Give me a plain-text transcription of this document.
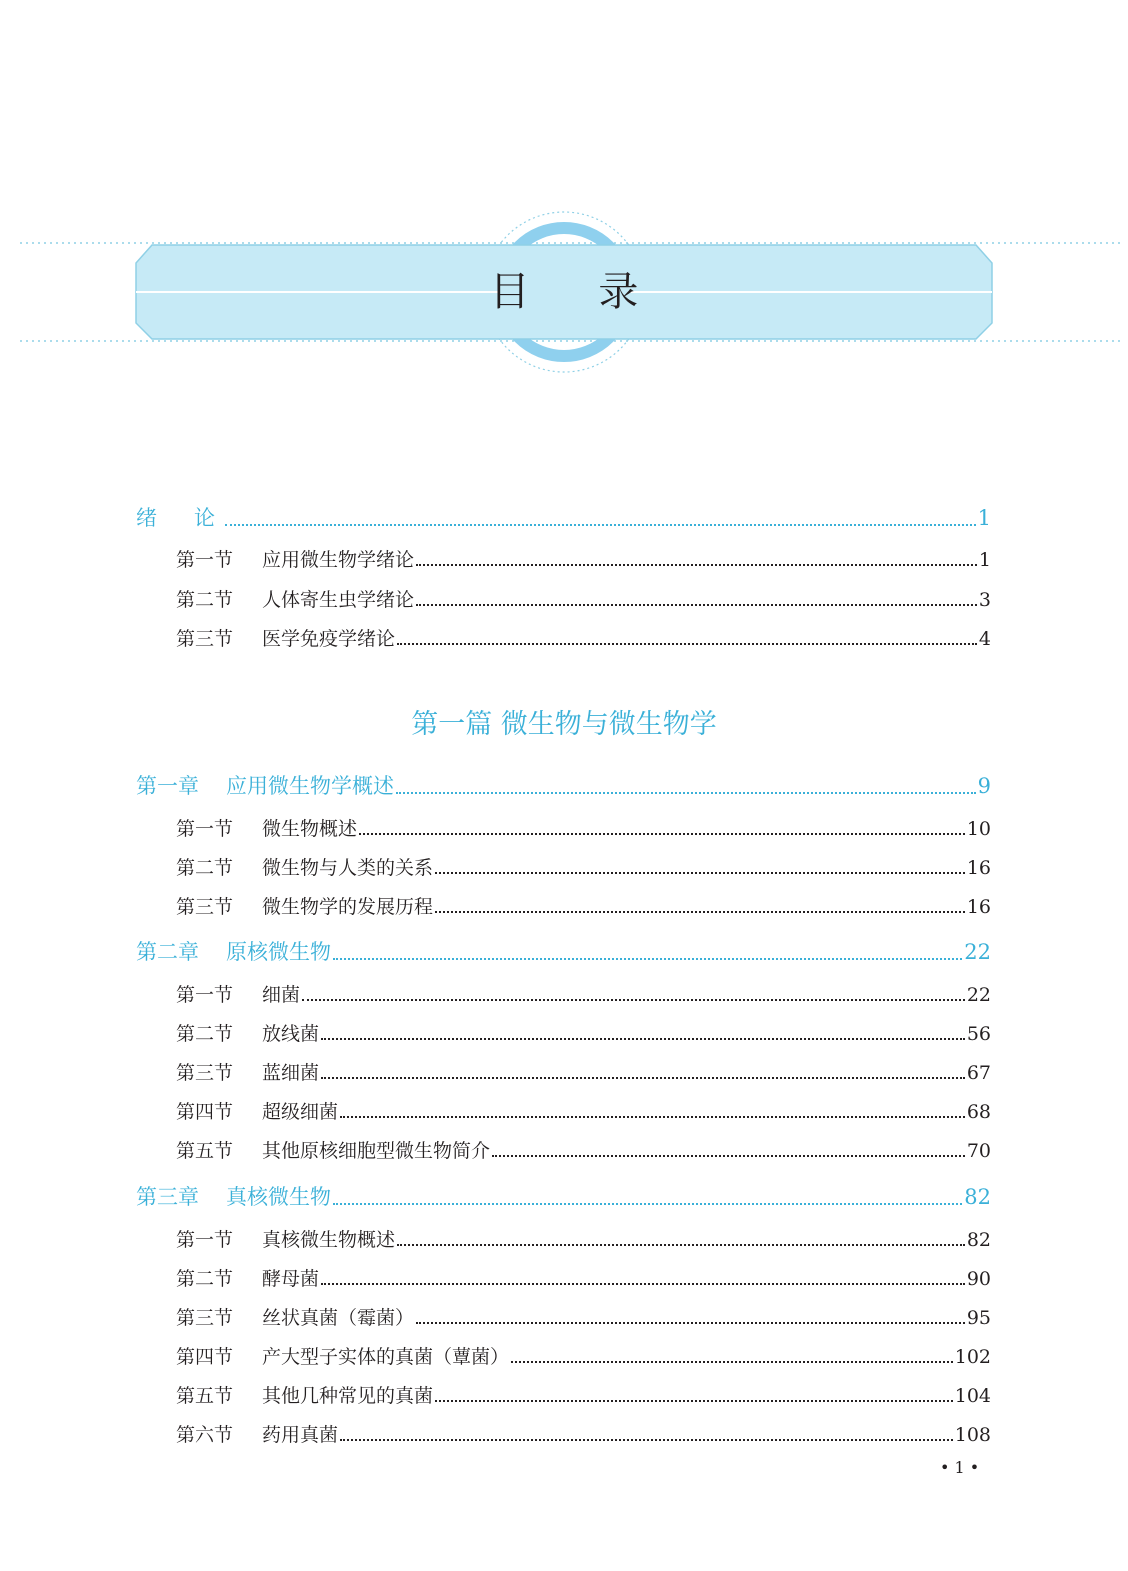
目 录
第一篇 微生物与微生物学
• 1 •
绪　论	1
第一节	应用微生物学绪论	1
第二节	人体寄生虫学绪论	3
第三节	医学免疫学绪论	4
第一章	应用微生物学概述	9
第一节	微生物概述	10
第二节	微生物与人类的关系	16
第三节	微生物学的发展历程	16
第二章	原核微生物	22
第一节	细菌	22
第二节	放线菌	56
第三节	蓝细菌	67
第四节	超级细菌	68
第五节	其他原核细胞型微生物简介	70
第三章	真核微生物	82
第一节	真核微生物概述	82
第二节	酵母菌	90
第三节	丝状真菌（霉菌）	95
第四节	产大型子实体的真菌（蕈菌）	102
第五节	其他几种常见的真菌	104
第六节	药用真菌	108
